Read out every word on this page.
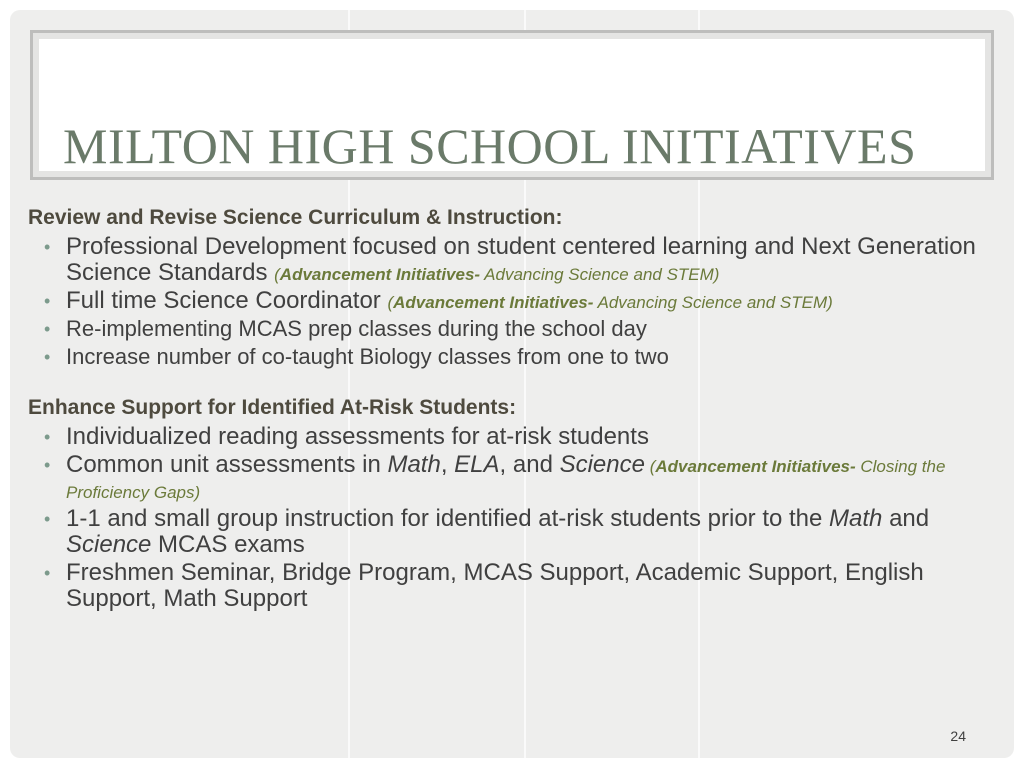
MILTON HIGH SCHOOL INITIATIVES

Review and Revise Science Curriculum & Instruction:

• Professional Development focused on student centered learning and Next Generation Science Standards (Advancement Initiatives- Advancing Science and STEM)
• Full time Science Coordinator (Advancement Initiatives- Advancing Science and STEM)
• Re-implementing MCAS prep classes during the school day
• Increase number of co-taught Biology classes from one to two

Enhance Support for Identified At-Risk Students:

• Individualized reading assessments for at-risk students
• Common unit assessments in Math, ELA, and Science (Advancement Initiatives- Closing the Proficiency Gaps)
• 1-1 and small group instruction for identified at-risk students prior to the Math and Science MCAS exams
• Freshmen Seminar, Bridge Program, MCAS Support, Academic Support, English Support, Math Support
24
